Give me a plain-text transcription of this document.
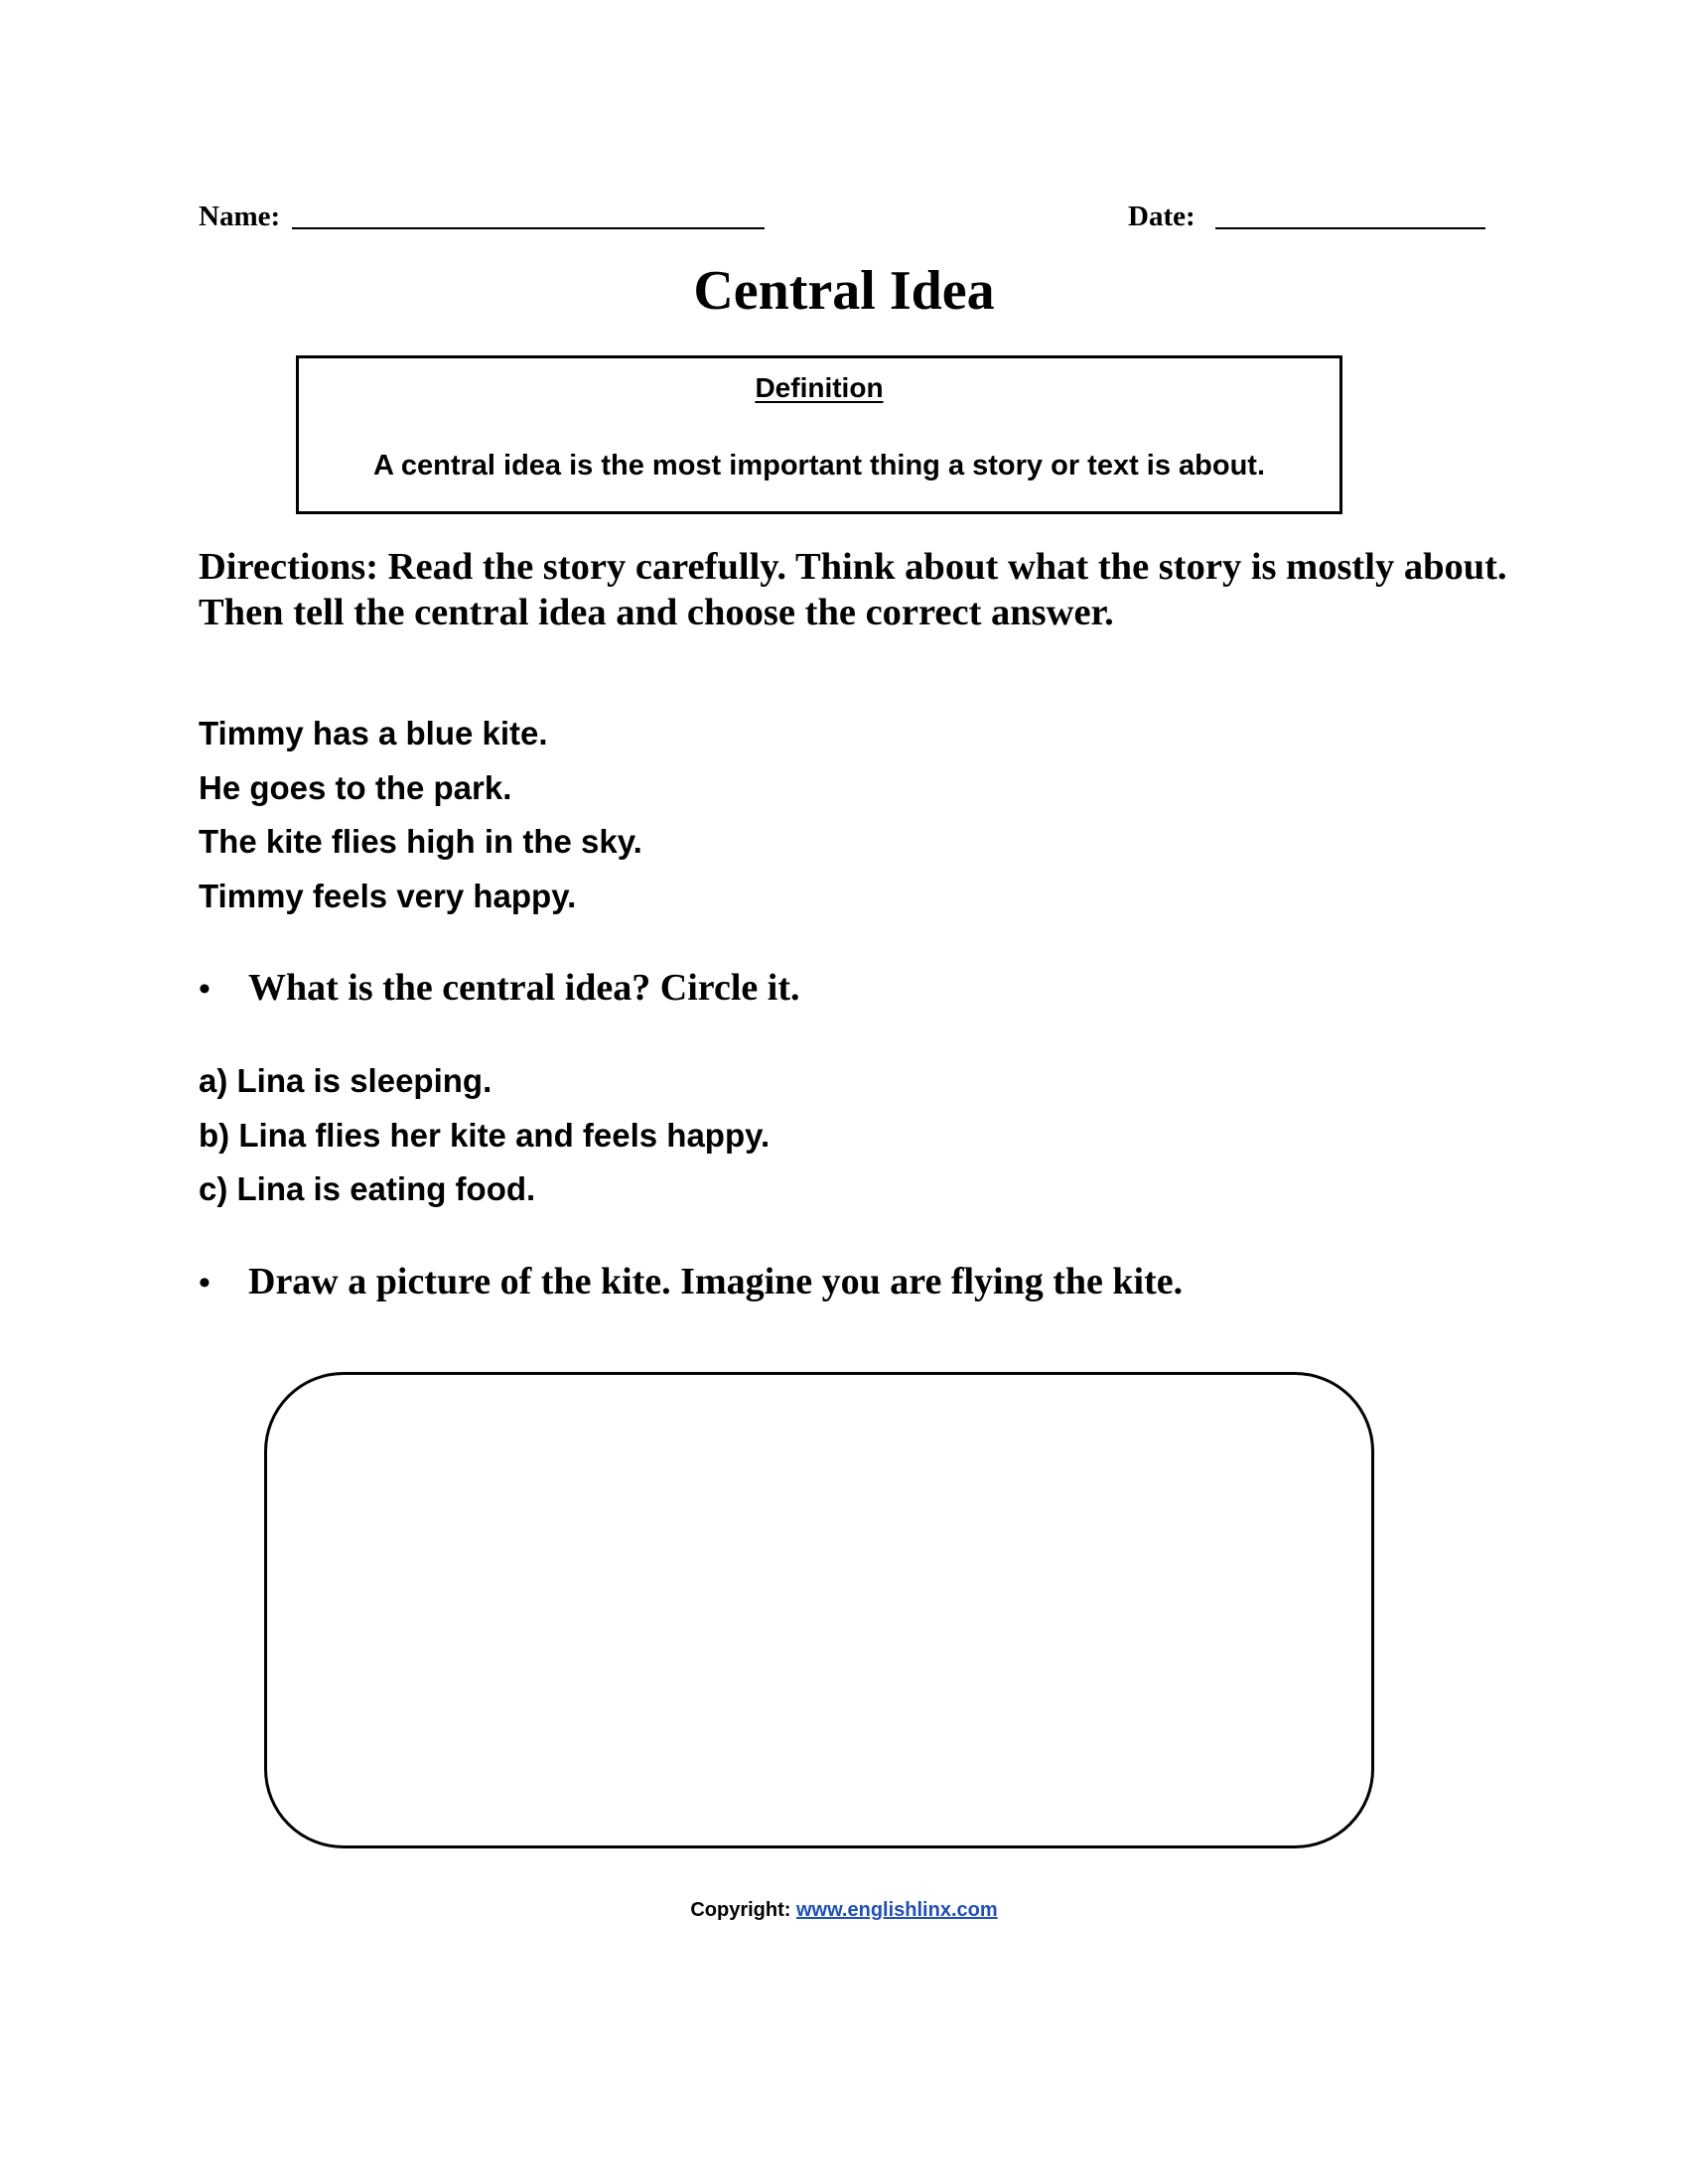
Name:	Date:
Central Idea
Definition
A central idea is the most important thing a story or text is about.
Directions: Read the story carefully. Think about what the story is mostly about. Then tell the central idea and choose the correct answer.
Timmy has a blue kite.
He goes to the park.
The kite flies high in the sky.
Timmy feels very happy.
• What is the central idea? Circle it.
a) Lina is sleeping.
b) Lina flies her kite and feels happy.
c) Lina is eating food.
• Draw a picture of the kite. Imagine you are flying the kite.
Copyright: www.englishlinx.com
